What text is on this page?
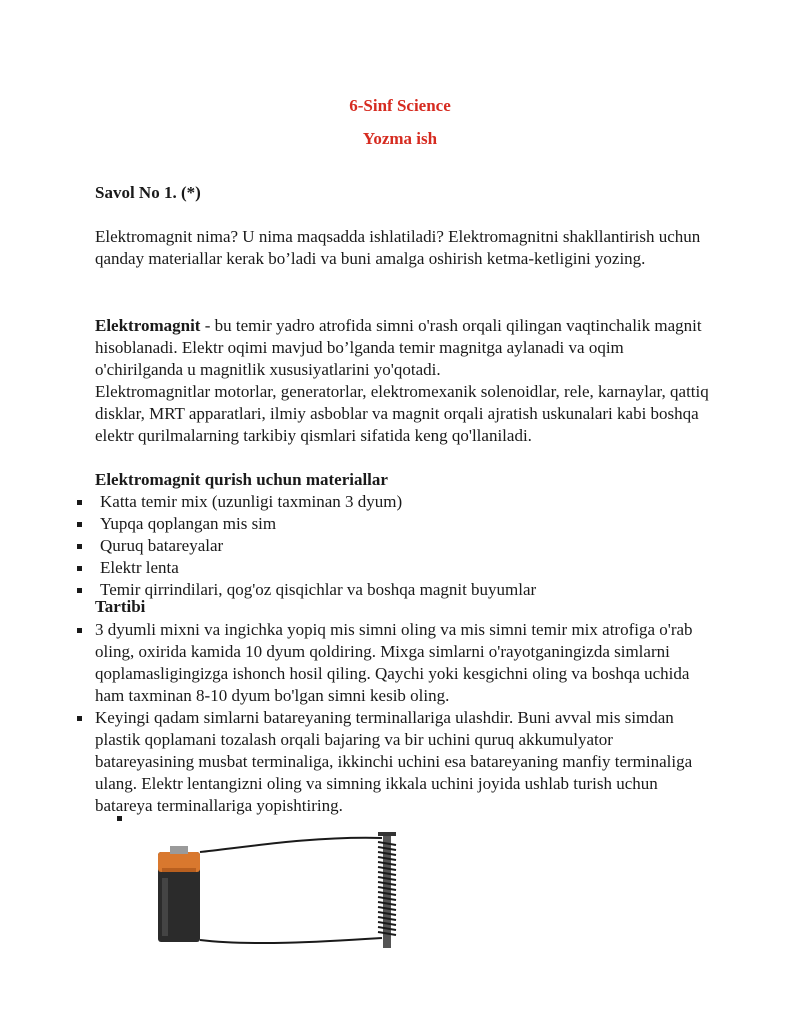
6-Sinf Science
Yozma ish
Savol No 1. (*)

Elektromagnit nima? U nima maqsadda ishlatiladi? Elektromagnitni shakllantirish uchun qanday materiallar kerak bo’ladi va buni amalga oshirish ketma-ketligini yozing.

Elektromagnit - bu temir yadro atrofida simni o'rash orqali qilingan vaqtinchalik magnit hisoblanadi. Elektr oqimi mavjud bo’lganda temir magnitga aylanadi va oqim o'chirilganda u magnitlik xususiyatlarini yo'qotadi.

Elektromagnitlar motorlar, generatorlar, elektromexanik solenoidlar, rele, karnaylar, qattiq disklar, MRT apparatlari, ilmiy asboblar va magnit orqali ajratish uskunalari kabi boshqa elektr qurilmalarning tarkibiy qismlari sifatida keng qo'llaniladi.

Elektromagnit qurish uchun materiallar
Katta temir mix (uzunligi taxminan 3 dyum)
Yupqa qoplangan mis sim
Quruq batareyalar
Elektr lenta
Temir qirrindilari, qog'oz qisqichlar va boshqa magnit buyumlar
Tartibi
3 dyumli mixni va ingichka yopiq mis simni oling va mis simni temir mix atrofiga o'rab oling, oxirida kamida 10 dyum qoldiring. Mixga simlarni o'rayotganingizda simlarni qoplamasligingizga ishonch hosil qiling. Qaychi yoki kesgichni oling va boshqa uchida ham taxminan 8-10 dyum bo'lgan simni kesib oling.
Keyingi qadam simlarni batareyaning terminallariga ulashdir. Buni avval mis simdan plastik qoplamani tozalash orqali bajaring va bir uchini quruq akkumulyator batareyasining musbat terminaliga, ikkinchi uchini esa batareyaning manfiy terminaliga ulang. Elektr lentangizni oling va simning ikkala uchini joyida ushlab turish uchun batareya terminallariga yopishtiring.
